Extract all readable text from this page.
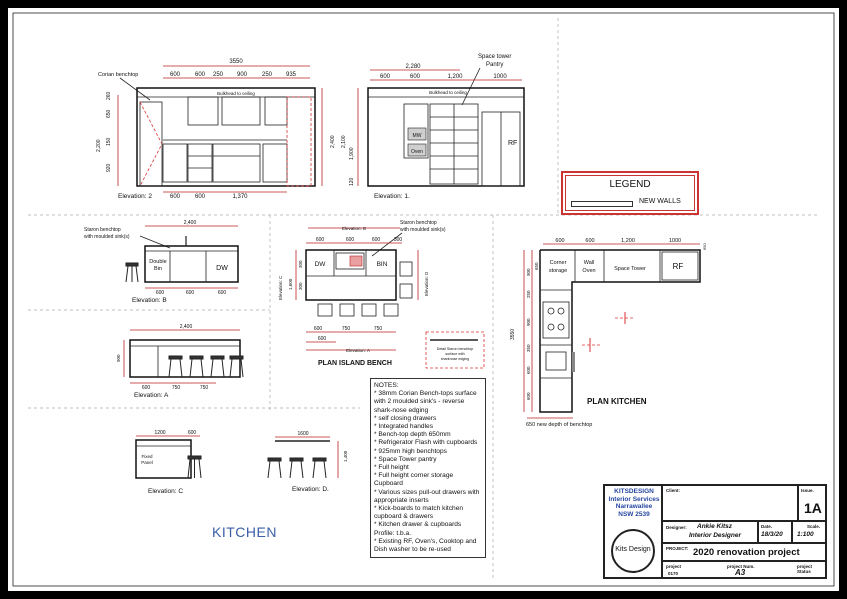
3550
600 600 250 900 250 935
Corian benchtop
Bulkhead to ceiling
260
650
150
920
2,200	2,400
600 600	1,370
Elevation: 2
Space tower
Pantry
2,280
600	600	1,200	1000
Bulkhead to ceiling
MW
Oven
RF
2,100
1,900
120
Elevation: 1.
Staron benchtop
with moulded sink(s)
2,400
Double
Bin	DW
600	600	600
Elevation: B
2,400
900
600	750	750
Elevation: A
Staron benchtop
with moulded sink(s)
Elevation: B
600	600	600	300
DW	BIN
Elevation: C 1,600
300
300	Elevation: D
600	750	750
600
Elevation: A	Detail Staron benchtop
surface with
sharknose edging
PLAN ISLAND BENCH
1200	600
Fixed
Panel
Elevation: C
1600
1,400
Elevation: D.
600	600	1,200	1000
650
Corner
storage
Wall
Oven	Space Tower	RF
3550
900
650
250
900
350
600
600
650 new depth of benchtop
PLAN KITCHEN
LEGEND
NEW WALLS
NOTES:
* 38mm Corian Bench-tops surface with 2 moulded sink's - reverse shark-nose edging
* self closing drawers
* Integrated handles
* Bench-top depth 650mm
* Refrigerator Flash with cupboards
* 925mm high benchtops
* Space Tower pantry
* Full height
* Full height corner storage Cupboard
* Various sizes pull-out drawers with appropriate inserts
* Kick-boards to match kitchen cupboard & drawers
* Kitchen drawer & cupboards Profile: t.b.a.
* Existing RF, Oven's, Cooktop and Dish washer to be re-used
KITCHEN
KITSDESIGN
Interior Services
Narrawallee
NSW 2539
Kits Design
Client:	Issue.
1A
Designer: Ankie Kitsz
Interior Designer
Date.
18/3/20
Scale.
1:100
PROJECT: 2020 renovation project
project
0170
project Num.
A3
project Status
